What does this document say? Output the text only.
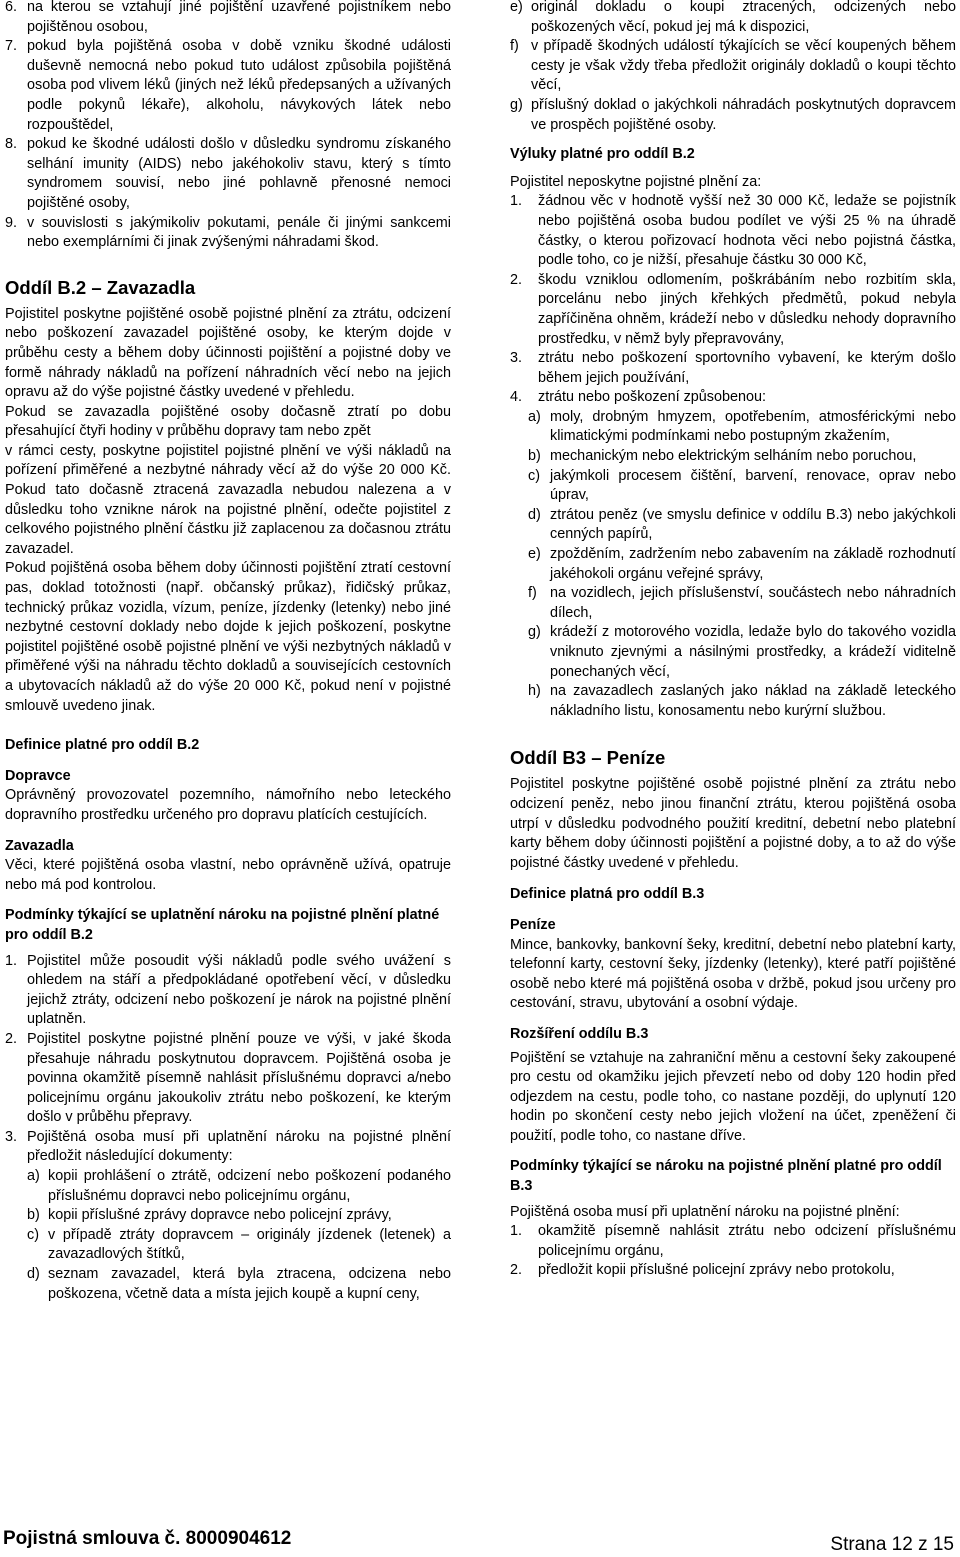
6. na kterou se vztahují jiné pojištění uzavřené pojistníkem nebo pojištěnou osobou,
7. pokud byla pojištěná osoba v době vzniku škodné události duševně nemocná nebo pokud tuto událost způsobila pojištěná osoba pod vlivem léků (jiných než léků předepsaných a užívaných podle pokynů lékaře), alkoholu, návykových látek nebo rozpouštědel,
8. pokud ke škodné události došlo v důsledku syndromu získaného selhání imunity (AIDS) nebo jakéhokoliv stavu, který s tímto syndromem souvisí, nebo jiné pohlavně přenosné nemoci pojištěné osoby,
9. v souvislosti s jakýmikoliv pokutami, penále či jinými sankcemi nebo exemplárními či jinak zvýšenými náhradami škod.

Oddíl B.2 – Zavazadla

Pojistitel poskytne pojištěné osobě pojistné plnění za ztrátu, odcizení nebo poškození zavazadel pojištěné osoby, ke kterým dojde v průběhu cesty a během doby účinnosti pojištění a pojistné doby ve formě náhrady nákladů na pořízení náhradních věcí nebo na jejich opravu až do výše pojistné částky uvedené v přehledu.

Pokud se zavazadla pojištěné osoby dočasně ztratí po dobu přesahující čtyři hodiny v průběhu dopravy tam nebo zpět

v rámci cesty, poskytne pojistitel pojistné plnění ve výši nákladů na pořízení přiměřené a nezbytné náhrady věcí až do výše 20 000 Kč. Pokud tato dočasně ztracená zavazadla nebudou nalezena a v důsledku toho vznikne nárok na pojistné plnění, odečte pojistitel z celkového pojistného plnění částku již zaplacenou za dočasnou ztrátu zavazadel.

Pokud pojištěná osoba během doby účinnosti pojištění ztratí cestovní pas, doklad totožnosti (např. občanský průkaz), řidičský průkaz, technický průkaz vozidla, vízum, peníze, jízdenky (letenky) nebo jiné nezbytné cestovní doklady nebo dojde k jejich poškození, poskytne pojistitel pojištěné osobě pojistné plnění ve výši nezbytných nákladů v přiměřené výši na náhradu těchto dokladů a souvisejících cestovních a ubytovacích nákladů až do výše 20 000 Kč, pokud není v pojistné smlouvě uvedeno jinak.

Definice platné pro oddíl B.2

Dopravce

Oprávněný provozovatel pozemního, námořního nebo leteckého dopravního prostředku určeného pro dopravu platících cestujících.

Zavazadla

Věci, které pojištěná osoba vlastní, nebo oprávněně užívá, opatruje nebo má pod kontrolou.

Podmínky týkající se uplatnění nároku na pojistné plnění platné pro oddíl B.2

1. Pojistitel může posoudit výši nákladů podle svého uvážení s ohledem na stáří a předpokládané opotřebení věcí, v důsledku jejichž ztráty, odcizení nebo poškození je nárok na pojistné plnění uplatněn.
2. Pojistitel poskytne pojistné plnění pouze ve výši, v jaké škoda přesahuje náhradu poskytnutou dopravcem. Pojištěná osoba je povinna okamžitě písemně nahlásit příslušnému dopravci a/nebo policejnímu orgánu jakoukoliv ztrátu nebo poškození, ke kterým došlo v průběhu přepravy.
3. Pojištěná osoba musí při uplatnění nároku na pojistné plnění předložit následující dokumenty:
a) kopii prohlášení o ztrátě, odcizení nebo poškození podaného příslušnému dopravci nebo policejnímu orgánu,
b) kopii příslušné zprávy dopravce nebo policejní zprávy,
c) v případě ztráty dopravcem – originály jízdenek (letenek) a zavazadlových štítků,
d) seznam zavazadel, která byla ztracena, odcizena nebo poškozena, včetně data a místa jejich koupě a kupní ceny,
e) originál dokladu o koupi ztracených, odcizených nebo poškozených věcí, pokud jej má k dispozici,
f) v případě škodných událostí týkajících se věcí koupených během cesty je však vždy třeba předložit originály dokladů o koupi těchto věcí,
g) příslušný doklad o jakýchkoli náhradách poskytnutých dopravcem ve prospěch pojištěné osoby.

Výluky platné pro oddíl B.2

Pojistitel neposkytne pojistné plnění za:

1.	žádnou věc v hodnotě vyšší než 30 000 Kč, ledaže se pojistník nebo pojištěná osoba budou podílet ve výši 25 % na úhradě částky, o kterou pořizovací hodnota věci nebo pojistná částka, podle toho, co je nižší, přesahuje částku 30 000 Kč,
2.	škodu vzniklou odlomením, poškrábáním nebo rozbitím skla, porcelánu nebo jiných křehkých předmětů, pokud nebyla zapříčiněna ohněm, krádeží nebo v důsledku nehody dopravního prostředku, v němž byly přepravovány,
3.	ztrátu nebo poškození sportovního vybavení, ke kterým došlo během jejich používání,
4.	ztrátu nebo poškození způsobenou:
a) moly, drobným hmyzem, opotřebením, atmosférickými nebo klimatickými podmínkami nebo postupným zkažením,
b) mechanickým nebo elektrickým selháním nebo poruchou,
c) jakýmkoli procesem čištění, barvení, renovace, oprav nebo úprav,
d) ztrátou peněz (ve smyslu definice v oddílu B.3) nebo jakýchkoli cenných papírů,
e) zpožděním, zadržením nebo zabavením na základě rozhodnutí jakéhokoli orgánu veřejné správy,
f) na vozidlech, jejich příslušenství, součástech nebo náhradních dílech,
g) krádeží z motorového vozidla, ledaže bylo do takového vozidla vniknuto zjevnými a násilnými prostředky, a krádeží viditelně ponechaných věcí,
h) na zavazadlech zaslaných jako náklad na základě leteckého nákladního listu, konosamentu nebo kurýrní službou.

Oddíl B3 – Peníze

Pojistitel poskytne pojištěné osobě pojistné plnění za ztrátu nebo odcizení peněz, nebo jinou finanční ztrátu, kterou pojištěná osoba utrpí v důsledku podvodného použití kreditní, debetní nebo platební karty během doby účinnosti pojištění a pojistné doby, a to až do výše pojistné částky uvedené v přehledu.

Definice platná pro oddíl B.3

Peníze

Mince, bankovky, bankovní šeky, kreditní, debetní nebo platební karty, telefonní karty, cestovní šeky, jízdenky (letenky), které patří pojištěné osobě nebo které má pojištěná osoba v držbě, pokud jsou určeny pro cestování, stravu, ubytování a osobní výdaje.

Rozšíření oddílu B.3

Pojištění se vztahuje na zahraniční měnu a cestovní šeky zakoupené pro cestu od okamžiku jejich převzetí nebo od doby 120 hodin před odjezdem na cestu, podle toho, co nastane později, do uplynutí 120 hodin po skončení cesty nebo jejich vložení na účet, zpeněžení či použití, podle toho, co nastane dříve.

Podmínky týkající se nároku na pojistné plnění platné pro oddíl B.3

Pojištěná osoba musí při uplatnění nároku na pojistné plnění:

1.	okamžitě písemně nahlásit ztrátu nebo odcizení příslušnému policejnímu orgánu,
2.	předložit kopii příslušné policejní zprávy nebo protokolu,
Pojistná smlouva č. 8000904612	Strana 12 z 15
